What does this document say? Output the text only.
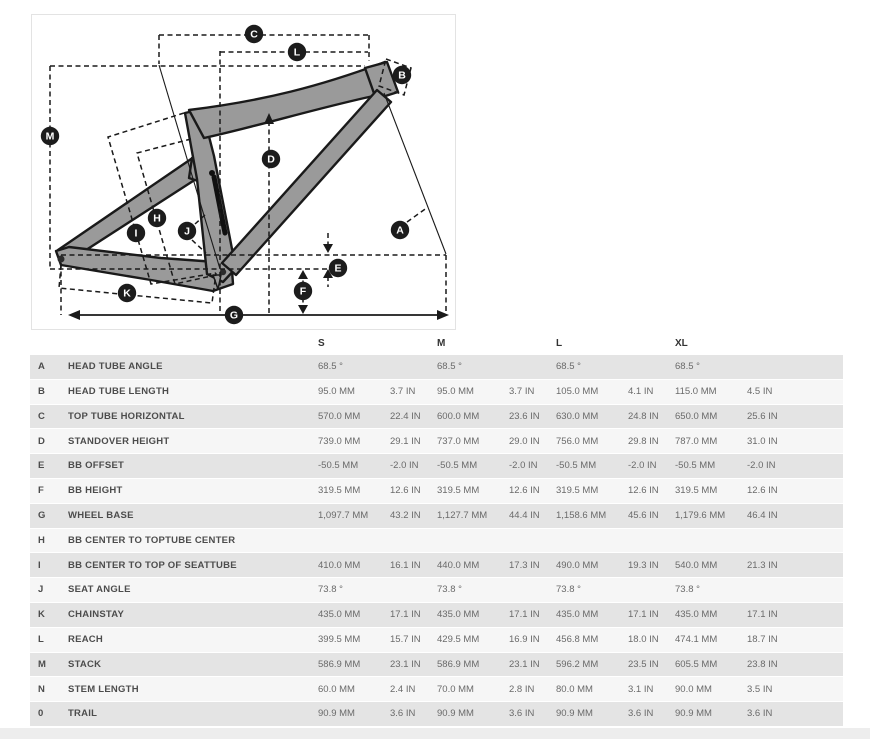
C
L
B
M
D
H
I	J	A
E
F
K
G
S	M	L	XL
A	HEAD TUBE ANGLE	68.5 °	68.5 °	68.5 °	68.5 °
B	HEAD TUBE LENGTH	95.0 MM	3.7 IN	95.0 MM	3.7 IN	105.0 MM	4.1 IN	115.0 MM	4.5 IN
C	TOP TUBE HORIZONTAL	570.0 MM	22.4 IN	600.0 MM	23.6 IN	630.0 MM	24.8 IN	650.0 MM	25.6 IN
D	STANDOVER HEIGHT	739.0 MM	29.1 IN	737.0 MM	29.0 IN	756.0 MM	29.8 IN	787.0 MM	31.0 IN
E	BB OFFSET	-50.5 MM	-2.0 IN	-50.5 MM	-2.0 IN	-50.5 MM	-2.0 IN	-50.5 MM	-2.0 IN
F	BB HEIGHT	319.5 MM	12.6 IN	319.5 MM	12.6 IN	319.5 MM	12.6 IN	319.5 MM	12.6 IN
G	WHEEL BASE	1,097.7 MM	43.2 IN	1,127.7 MM	44.4 IN	1,158.6 MM	45.6 IN	1,179.6 MM	46.4 IN
H	BB CENTER TO TOPTUBE CENTER
I	BB CENTER TO TOP OF SEATTUBE	410.0 MM	16.1 IN	440.0 MM	17.3 IN	490.0 MM	19.3 IN	540.0 MM	21.3 IN
J	SEAT ANGLE	73.8 °	73.8 °	73.8 °	73.8 °
K	CHAINSTAY	435.0 MM	17.1 IN	435.0 MM	17.1 IN	435.0 MM	17.1 IN	435.0 MM	17.1 IN
L	REACH	399.5 MM	15.7 IN	429.5 MM	16.9 IN	456.8 MM	18.0 IN	474.1 MM	18.7 IN
M	STACK	586.9 MM	23.1 IN	586.9 MM	23.1 IN	596.2 MM	23.5 IN	605.5 MM	23.8 IN
N	STEM LENGTH	60.0 MM	2.4 IN	70.0 MM	2.8 IN	80.0 MM	3.1 IN	90.0 MM	3.5 IN
0	TRAIL	90.9 MM	3.6 IN	90.9 MM	3.6 IN	90.9 MM	3.6 IN	90.9 MM	3.6 IN
